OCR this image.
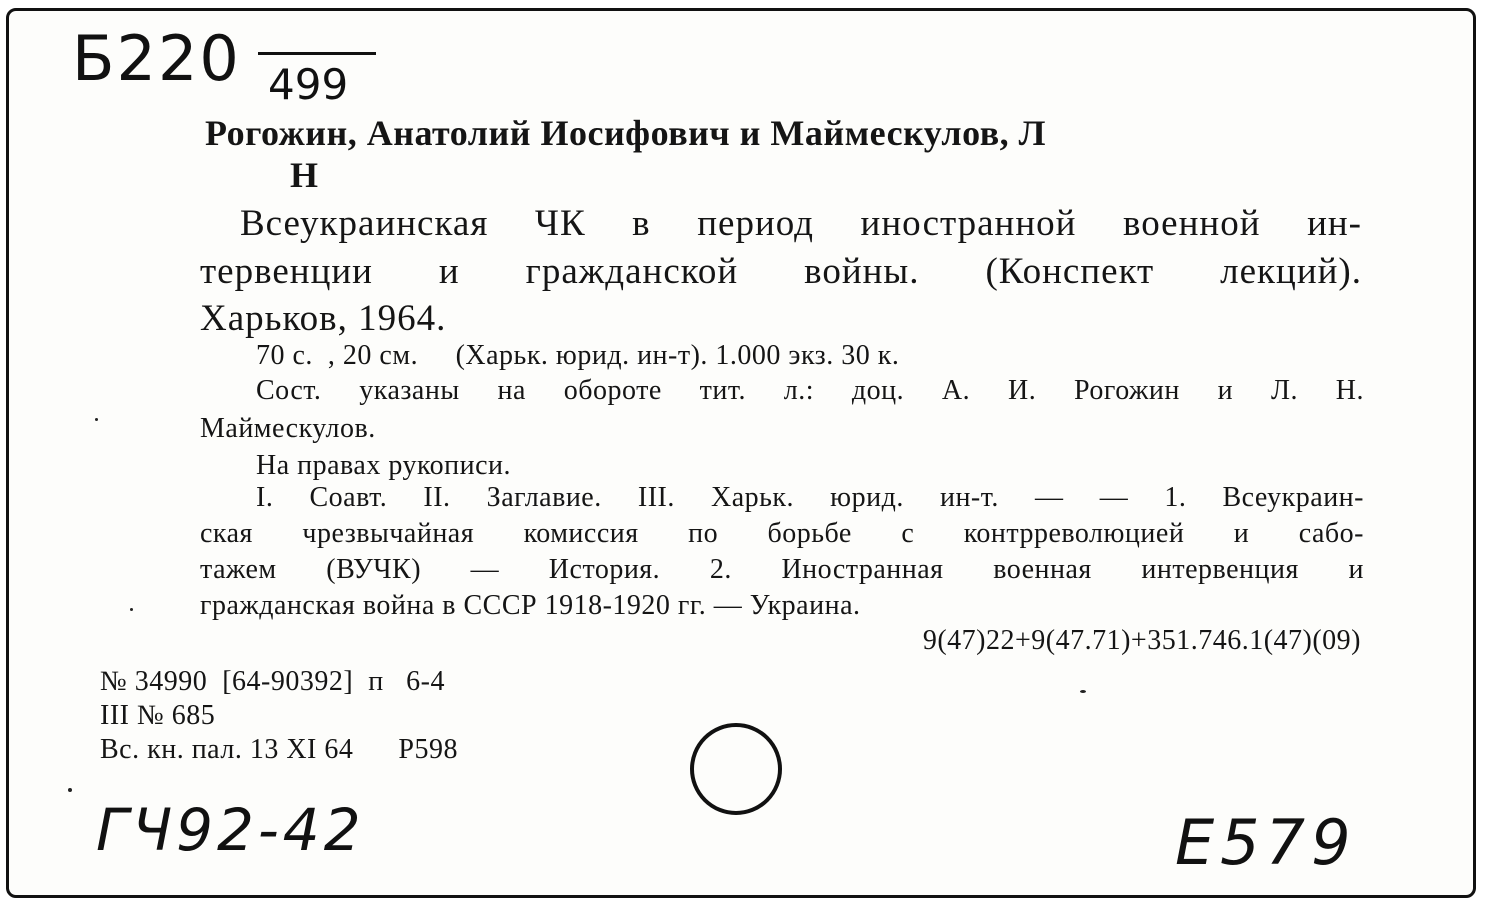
Б220 499
Рогожин, Анатолий Иосифович и Маймескулов, Л
Н
Всеукраинская ЧК в период иностранной военной ин-
тервенции и гражданской войны. (Конспект лекций).
Харьков, 1964.
70 с.  , 20 см.     (Харьк. юрид. ин-т). 1.000 экз. 30 к.
Сост. указаны на обороте тит. л.: доц. А. И. Рогожин и Л. Н.
Маймескулов.
На правах рукописи.
I. Соавт. II. Заглавие. III. Харьк. юрид. ин-т. — — 1. Всеукраин-
ская чрезвычайная комиссия по борьбе с контрреволюцией и сабо-
тажем (ВУЧК) — История. 2. Иностранная военная интервенция и
гражданская война в СССР 1918-1920 гг. — Украина.
9(47)22+9(47.71)+351.746.1(47)(09)
№ 34990  [64-90392]  п   6-4
III № 685
Вс. кн. пал. 13 XI 64      Р598
ГЧ92-42	Е579
